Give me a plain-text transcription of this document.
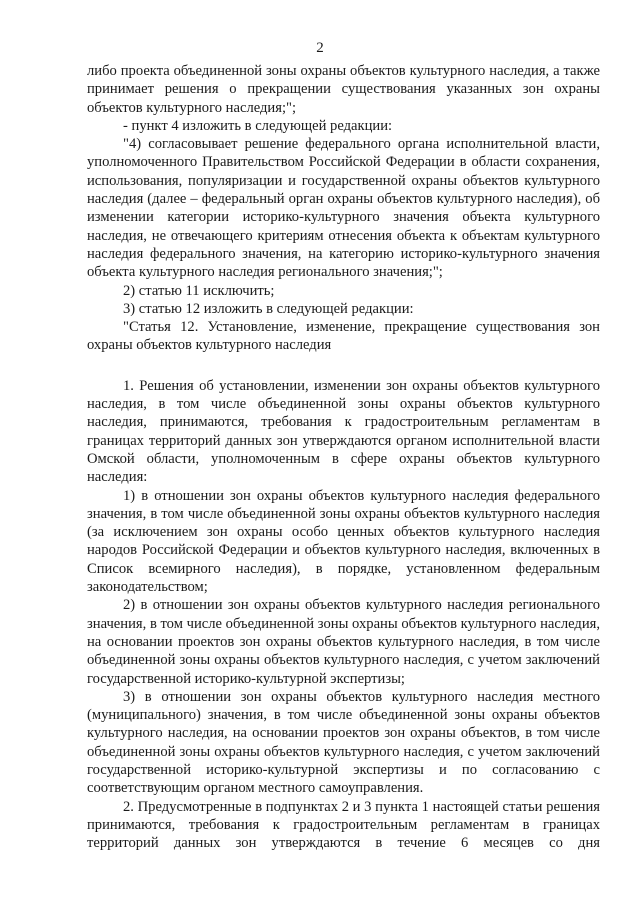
2

либо проекта объединенной зоны охраны объектов культурного наследия, а также принимает решения о прекращении существования указанных зон охраны объектов культурного наследия;";

- пункт 4 изложить в следующей редакции:

"4) согласовывает решение федерального органа исполнительной власти, уполномоченного Правительством Российской Федерации в области сохранения, использования, популяризации и государственной охраны объектов культурного наследия (далее – федеральный орган охраны объектов культурного наследия), об изменении категории историко-культурного значения объекта культурного наследия, не отвечающего критериям отнесения объекта к объектам культурного наследия федерального значения, на категорию историко-культурного значения объекта культурного наследия регионального значения;";

2) статью 11 исключить;

3) статью 12 изложить в следующей редакции:

"Статья 12. Установление, изменение, прекращение существования зон охраны объектов культурного наследия

1. Решения об установлении, изменении зон охраны объектов культурного наследия, в том числе объединенной зоны охраны объектов культурного наследия, принимаются, требования к градостроительным регламентам в границах территорий данных зон утверждаются органом исполнительной власти Омской области, уполномоченным в сфере охраны объектов культурного наследия:

1) в отношении зон охраны объектов культурного наследия федерального значения, в том числе объединенной зоны охраны объектов культурного наследия (за исключением зон охраны особо ценных объектов культурного наследия народов Российской Федерации и объектов культурного наследия, включенных в Список всемирного наследия), в порядке, установленном федеральным законодательством;

2) в отношении зон охраны объектов культурного наследия регионального значения, в том числе объединенной зоны охраны объектов культурного наследия, на основании проектов зон охраны объектов культурного наследия, в том числе объединенной зоны охраны объектов культурного наследия, с учетом заключений государственной историко-культурной экспертизы;

3) в отношении зон охраны объектов культурного наследия местного (муниципального) значения, в том числе объединенной зоны охраны объектов культурного наследия, на основании проектов зон охраны объектов, в том числе объединенной зоны охраны объектов культурного наследия, с учетом заключений государственной историко-культурной экспертизы и по согласованию с соответствующим органом местного самоуправления.

2. Предусмотренные в подпунктах 2 и 3 пункта 1 настоящей статьи решения принимаются, требования к градостроительным регламентам в границах территорий данных зон утверждаются в течение 6 месяцев со дня
